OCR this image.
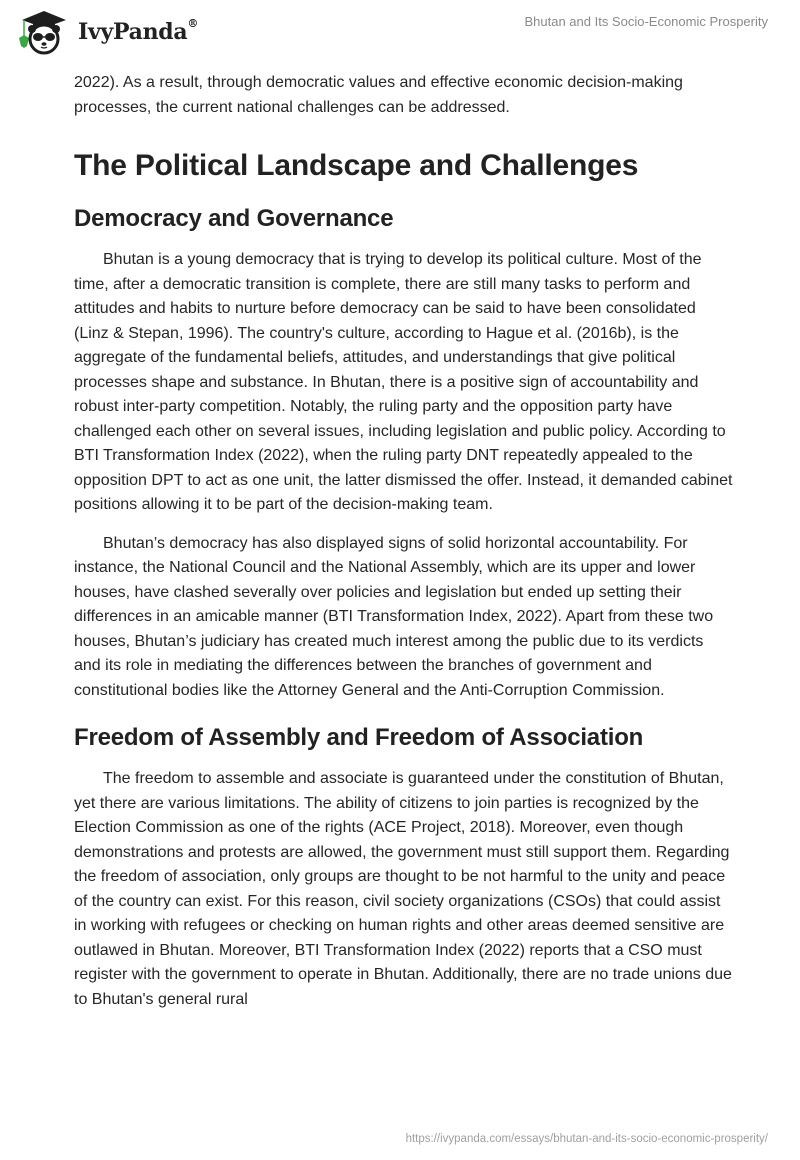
IvyPanda®	Bhutan and Its Socio-Economic Prosperity

2022). As a result, through democratic values and effective economic decision-making processes, the current national challenges can be addressed.

The Political Landscape and Challenges
Democracy and Governance

Bhutan is a young democracy that is trying to develop its political culture. Most of the time, after a democratic transition is complete, there are still many tasks to perform and attitudes and habits to nurture before democracy can be said to have been consolidated (Linz & Stepan, 1996). The country's culture, according to Hague et al. (2016b), is the aggregate of the fundamental beliefs, attitudes, and understandings that give political processes shape and substance. In Bhutan, there is a positive sign of accountability and robust inter-party competition. Notably, the ruling party and the opposition party have challenged each other on several issues, including legislation and public policy. According to BTI Transformation Index (2022), when the ruling party DNT repeatedly appealed to the opposition DPT to act as one unit, the latter dismissed the offer. Instead, it demanded cabinet positions allowing it to be part of the decision-making team.

Bhutan’s democracy has also displayed signs of solid horizontal accountability. For instance, the National Council and the National Assembly, which are its upper and lower houses, have clashed severally over policies and legislation but ended up setting their differences in an amicable manner (BTI Transformation Index, 2022). Apart from these two houses, Bhutan’s judiciary has created much interest among the public due to its verdicts and its role in mediating the differences between the branches of government and constitutional bodies like the Attorney General and the Anti-Corruption Commission.

Freedom of Assembly and Freedom of Association

The freedom to assemble and associate is guaranteed under the constitution of Bhutan, yet there are various limitations. The ability of citizens to join parties is recognized by the Election Commission as one of the rights (ACE Project, 2018). Moreover, even though demonstrations and protests are allowed, the government must still support them. Regarding the freedom of association, only groups are thought to be not harmful to the unity and peace of the country can exist. For this reason, civil society organizations (CSOs) that could assist in working with refugees or checking on human rights and other areas deemed sensitive are outlawed in Bhutan. Moreover, BTI Transformation Index (2022) reports that a CSO must register with the government to operate in Bhutan. Additionally, there are no trade unions due to Bhutan's general rural

https://ivypanda.com/essays/bhutan-and-its-socio-economic-prosperity/
